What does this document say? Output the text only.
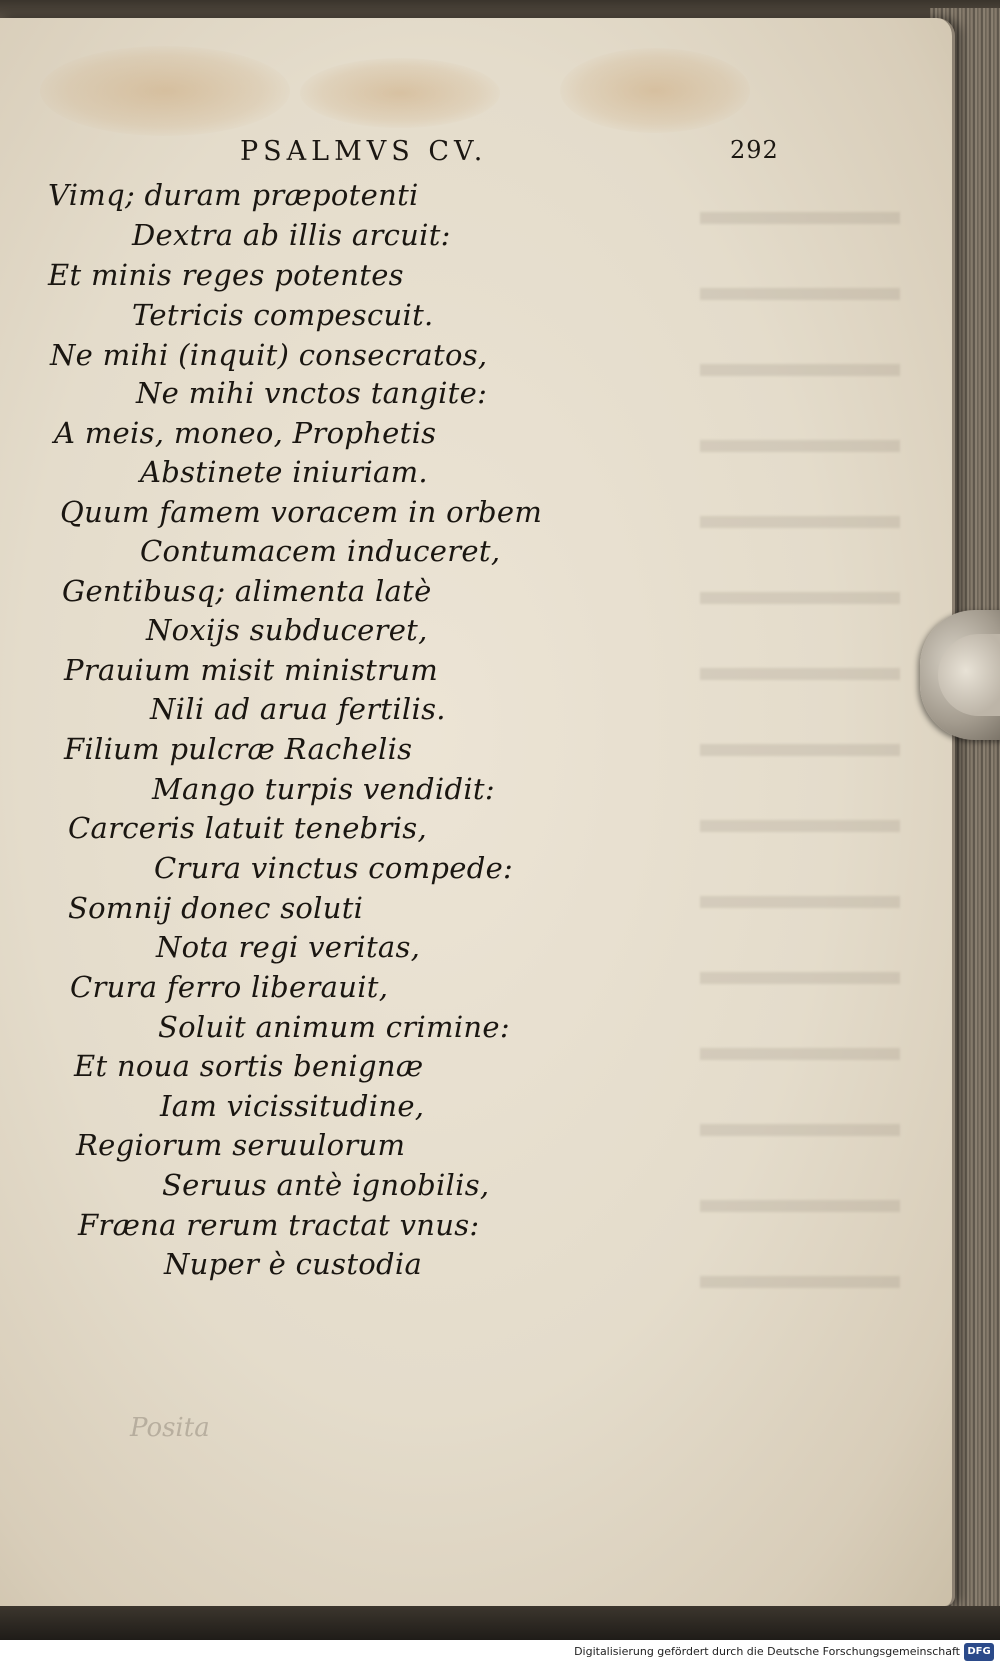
Posita
PSALMVS CV.	292
Vimq; duram præpotenti
Dextra ab illis arcuit:
Et minis reges potentes
Tetricis compescuit.
Ne mihi (inquit) consecratos,
Ne mihi vnctos tangite:
A meis, moneo, Prophetis
Abstinete iniuriam.
Quum famem voracem in orbem
Contumacem induceret,
Gentibusq; alimenta latè
Noxijs subduceret,
Prauium misit ministrum
Nili ad arua fertilis.
Filium pulcræ Rachelis
Mango turpis vendidit:
Carceris latuit tenebris,
Crura vinctus compede:
Somnij donec soluti
Nota regi veritas,
Crura ferro liberauit,
Soluit animum crimine:
Et noua sortis benignæ
Iam vicissitudine,
Regiorum seruulorum
Seruus antè ignobilis,
Fræna rerum tractat vnus:
Nuper è custodia
Digitalisierung gefördert durch die Deutsche Forschungsgemeinschaft DFG
